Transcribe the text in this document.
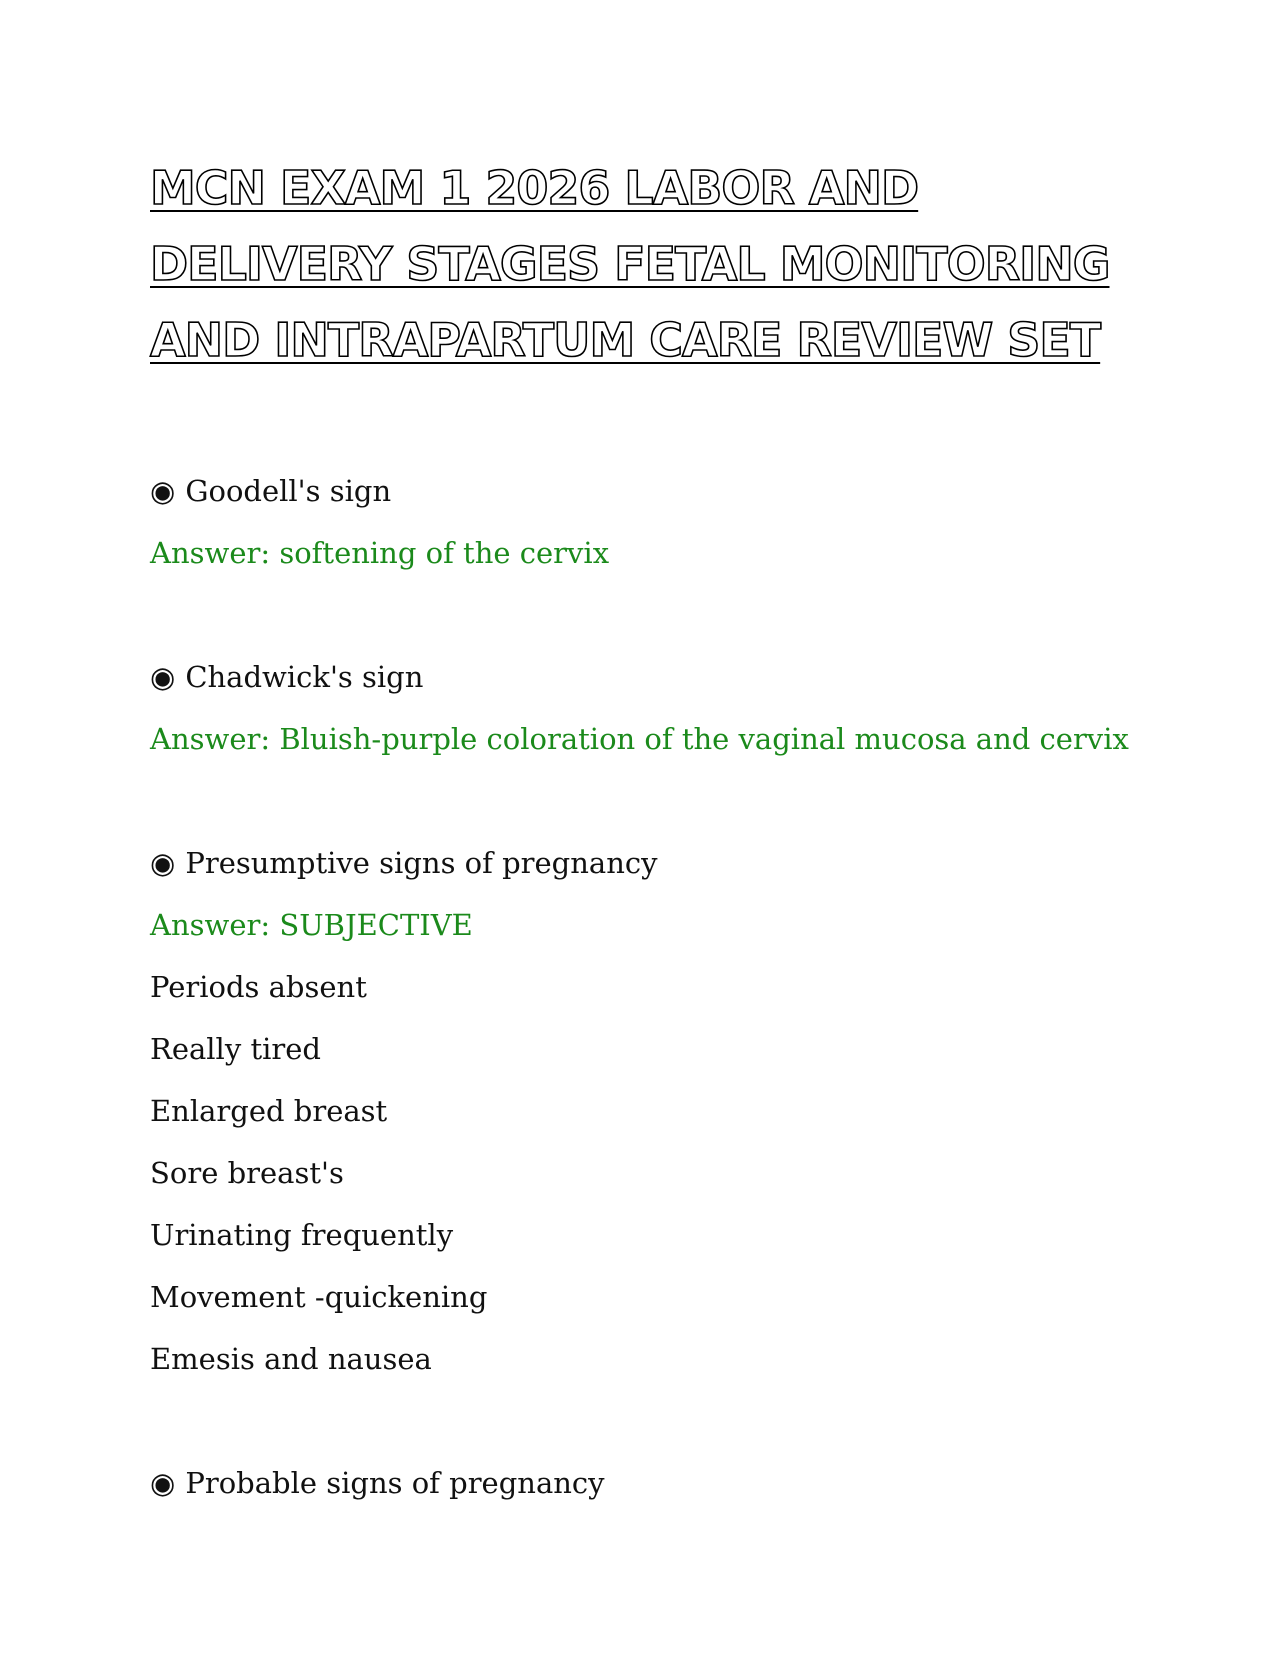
MCN EXAM 1 2026 LABOR AND DELIVERY STAGES FETAL MONITORING AND INTRAPARTUM CARE REVIEW SET
◉ Goodell's sign
Answer: softening of the cervix
◉ Chadwick's sign
Answer: Bluish-purple coloration of the vaginal mucosa and cervix
◉ Presumptive signs of pregnancy
Answer: SUBJECTIVE
Periods absent
Really tired
Enlarged breast
Sore breast's
Urinating frequently
Movement -quickening
Emesis and nausea
◉ Probable signs of pregnancy
